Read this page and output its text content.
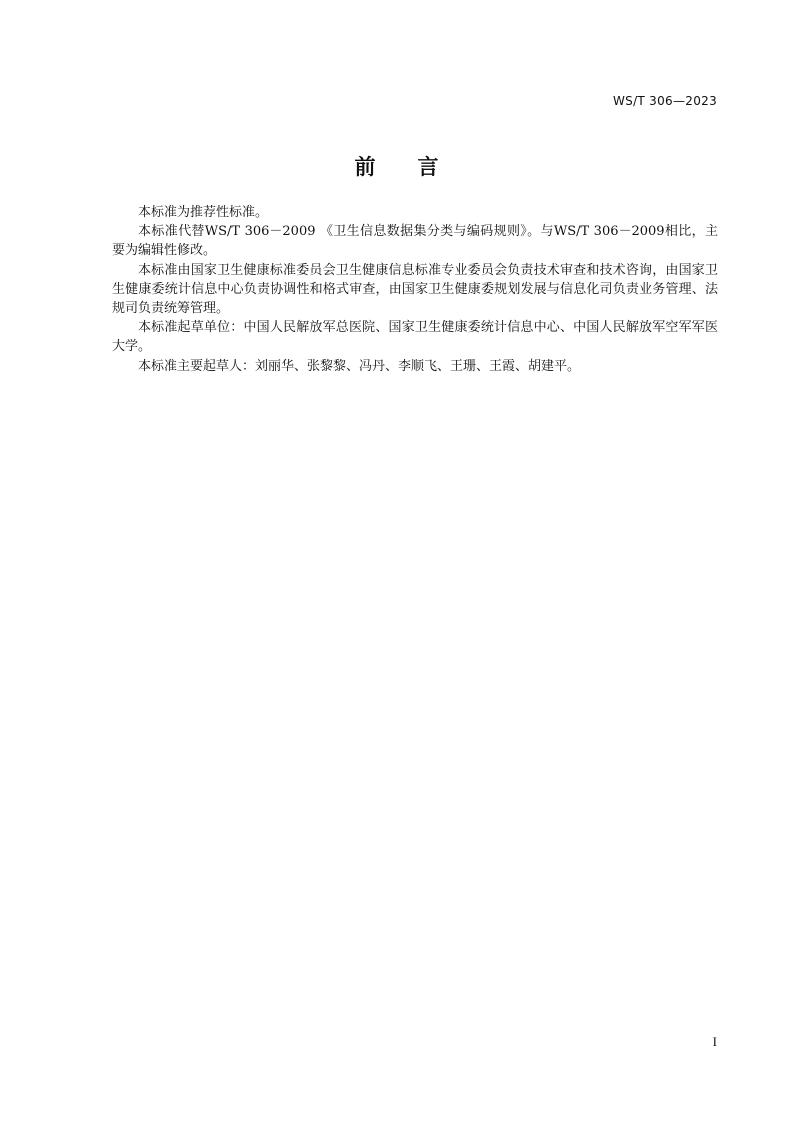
WS/T 306—2023
前 言

本标准为推荐性标准。

本标准代替WS/T 306－2009 《卫生信息数据集分类与编码规则》。与WS/T 306－2009相比，主要为编辑性修改。

本标准由国家卫生健康标准委员会卫生健康信息标准专业委员会负责技术审查和技术咨询，由国家卫生健康委统计信息中心负责协调性和格式审查，由国家卫生健康委规划发展与信息化司负责业务管理、法规司负责统筹管理。

本标准起草单位：中国人民解放军总医院、国家卫生健康委统计信息中心、中国人民解放军空军军医大学。

本标准主要起草人：刘丽华、张黎黎、冯丹、李顺飞、王珊、王霞、胡建平。

I
